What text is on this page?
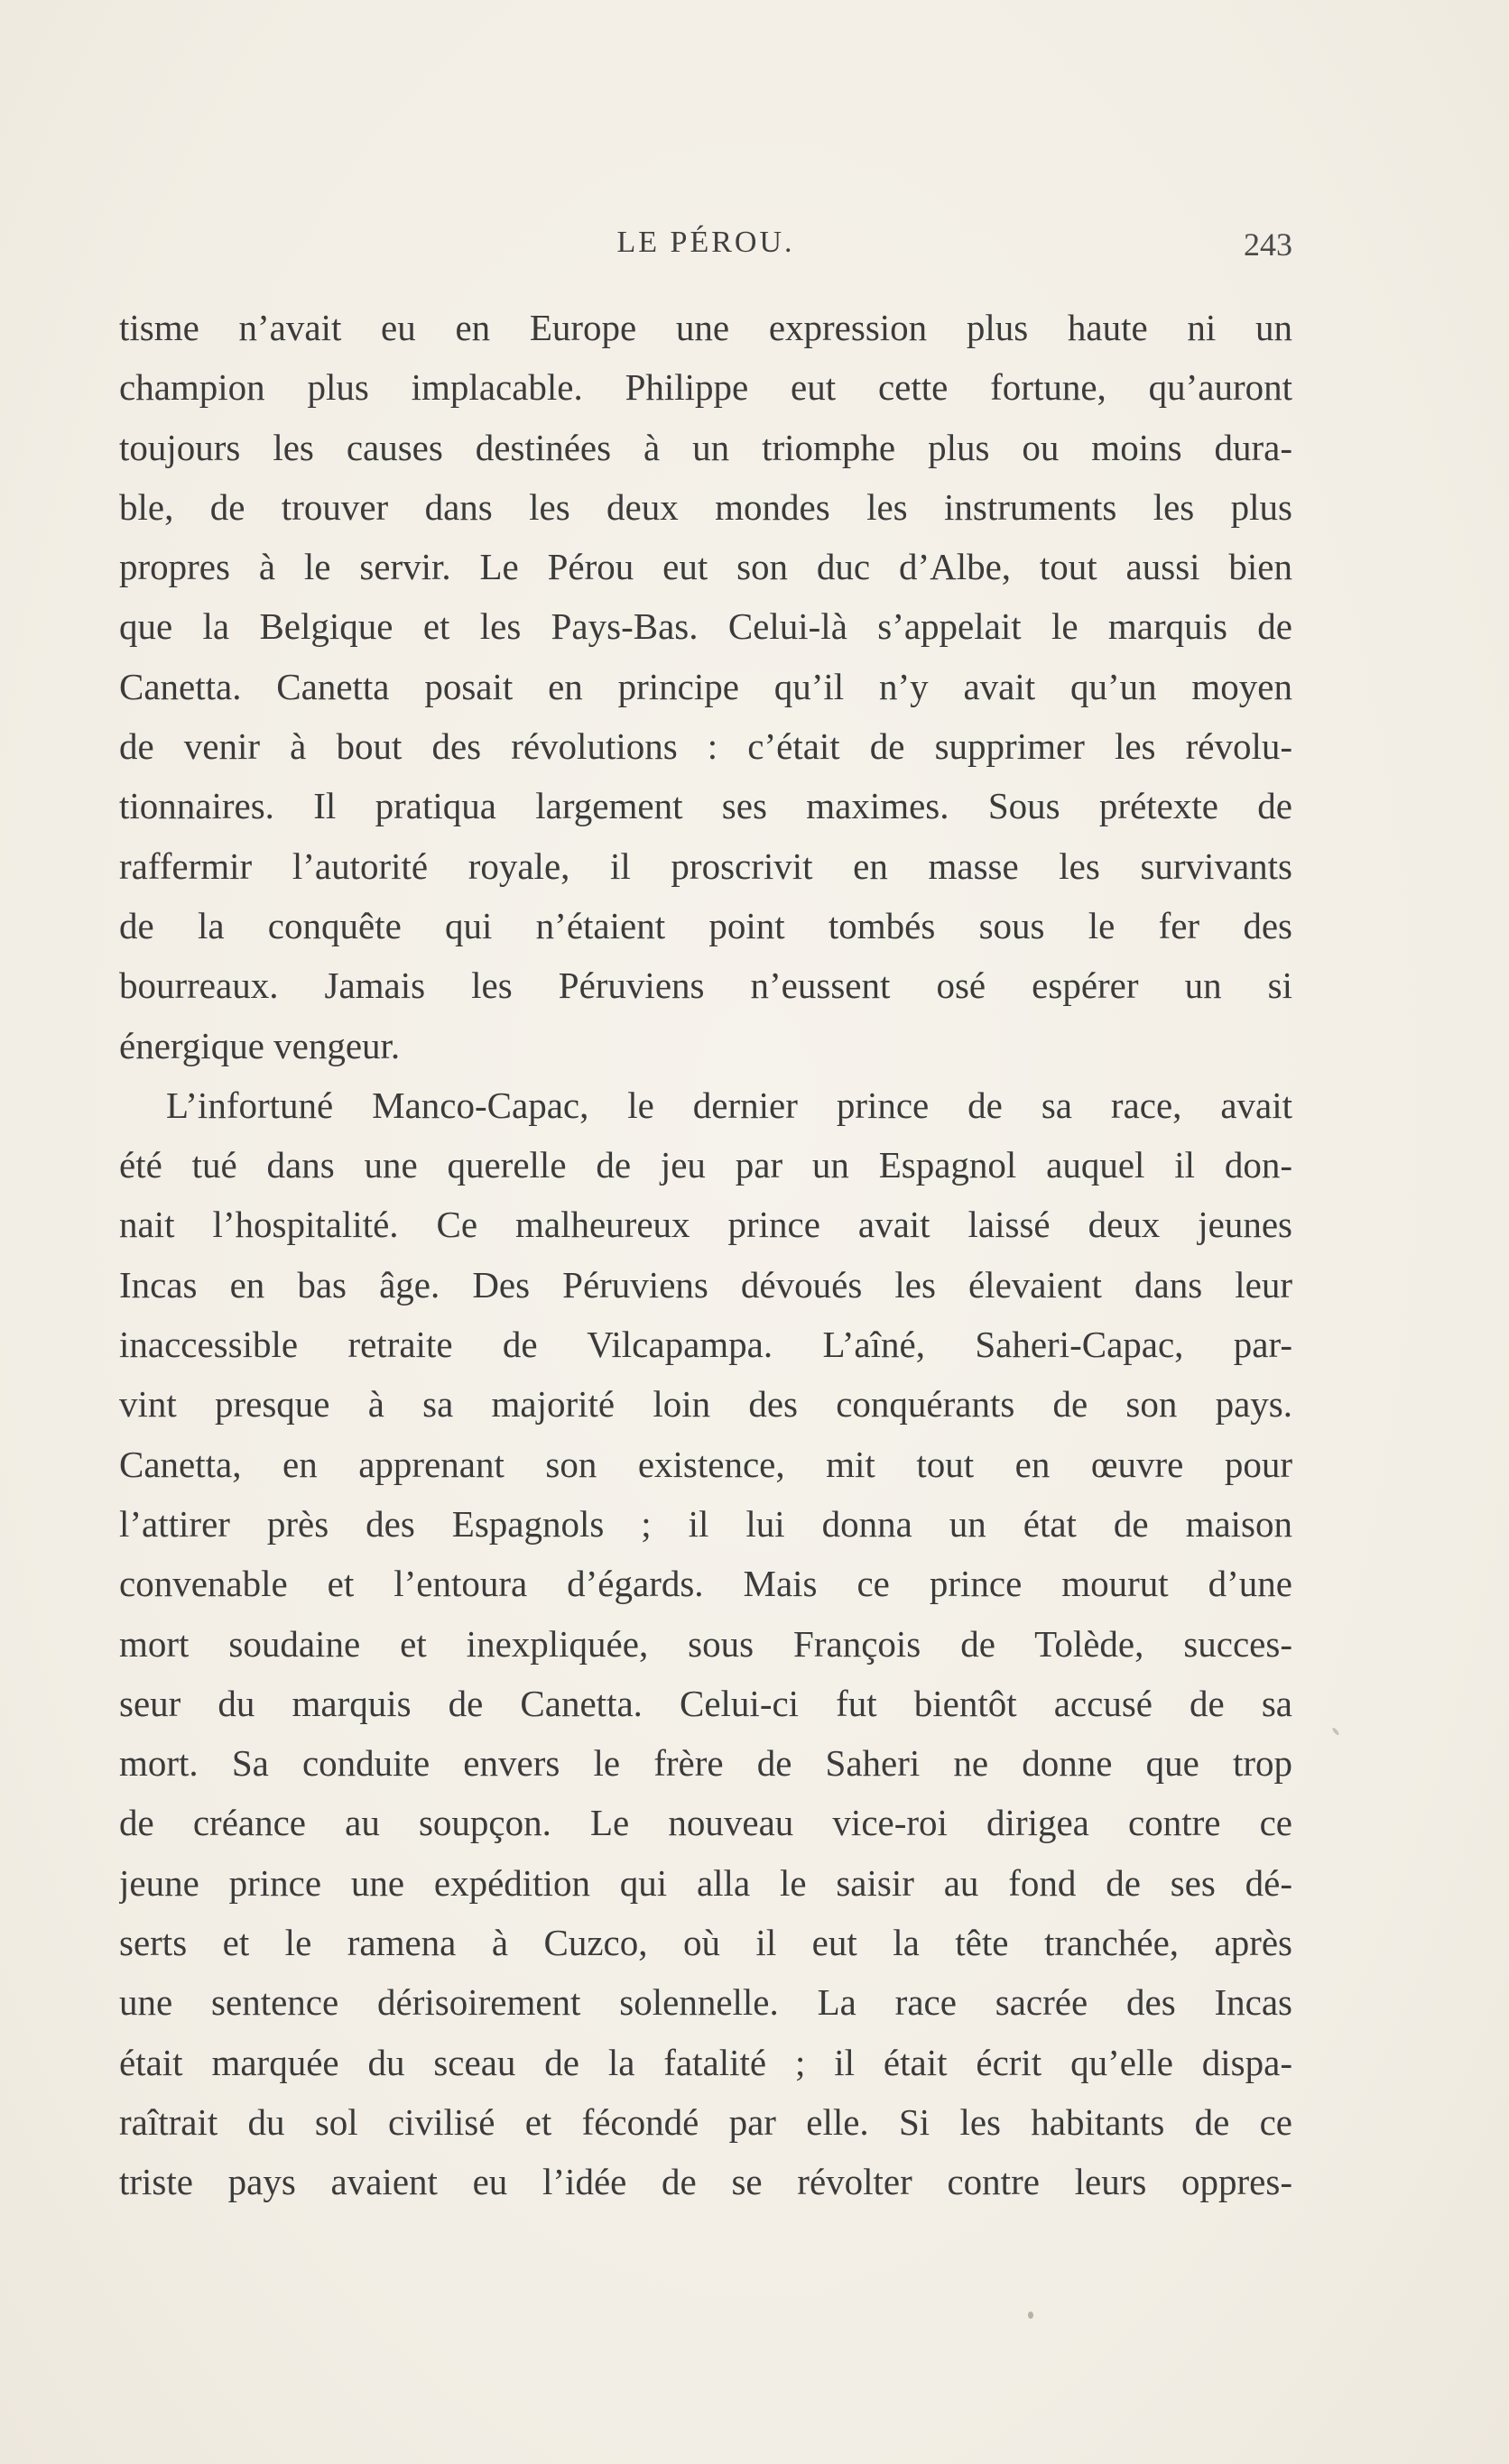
LE PÉROU.	243
tisme n’avait eu en Europe une expression plus haute ni un
champion plus implacable. Philippe eut cette fortune, qu’auront
toujours les causes destinées à un triomphe plus ou moins dura-
ble, de trouver dans les deux mondes les instruments les plus
propres à le servir. Le Pérou eut son duc d’Albe, tout aussi bien
que la Belgique et les Pays-Bas. Celui-là s’appelait le marquis de
Canetta. Canetta posait en principe qu’il n’y avait qu’un moyen
de venir à bout des révolutions : c’était de supprimer les révolu-
tionnaires. Il pratiqua largement ses maximes. Sous prétexte de
raffermir l’autorité royale, il proscrivit en masse les survivants
de la conquête qui n’étaient point tombés sous le fer des
bourreaux. Jamais les Péruviens n’eussent osé espérer un si
énergique vengeur.
L’infortuné Manco-Capac, le dernier prince de sa race, avait
été tué dans une querelle de jeu par un Espagnol auquel il don-
nait l’hospitalité. Ce malheureux prince avait laissé deux jeunes
Incas en bas âge. Des Péruviens dévoués les élevaient dans leur
inaccessible retraite de Vilcapampa. L’aîné, Saheri-Capac, par-
vint presque à sa majorité loin des conquérants de son pays.
Canetta, en apprenant son existence, mit tout en œuvre pour
l’attirer près des Espagnols ; il lui donna un état de maison
convenable et l’entoura d’égards. Mais ce prince mourut d’une
mort soudaine et inexpliquée, sous François de Tolède, succes-
seur du marquis de Canetta. Celui-ci fut bientôt accusé de sa
mort. Sa conduite envers le frère de Saheri ne donne que trop
de créance au soupçon. Le nouveau vice-roi dirigea contre ce
jeune prince une expédition qui alla le saisir au fond de ses dé-
serts et le ramena à Cuzco, où il eut la tête tranchée, après
une sentence dérisoirement solennelle. La race sacrée des Incas
était marquée du sceau de la fatalité ; il était écrit qu’elle dispa-
raîtrait du sol civilisé et fécondé par elle. Si les habitants de ce
triste pays avaient eu l’idée de se révolter contre leurs oppres-
